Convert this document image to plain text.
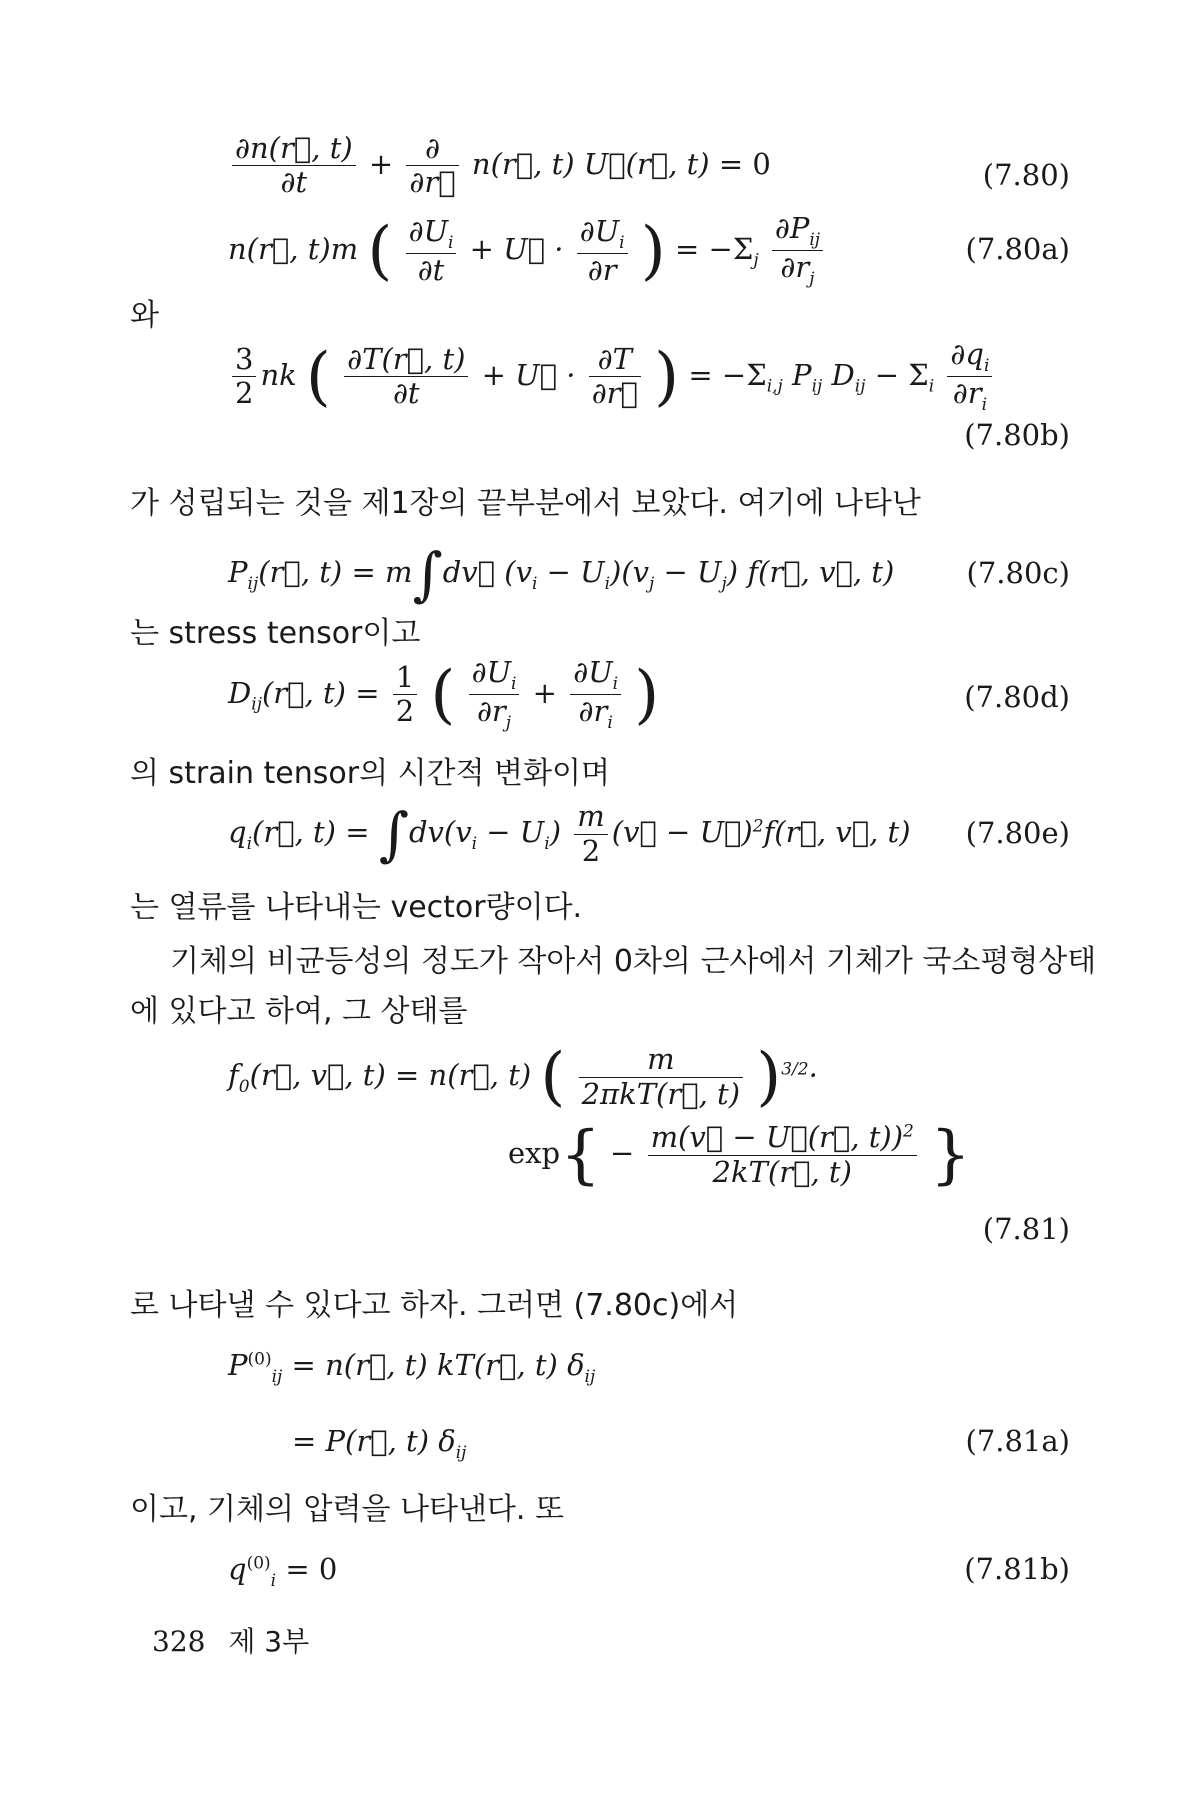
$\frac{\partial n(r⃗, t)}{\partial t} + \frac{\partial}{\partial r⃗}$ n(r⃗, t) U⃗(r⃗, t) = 0	(7.80)
n(r⃗, t)m ( $\frac{\partial U_i}{\partial t}$ + U⃗ · $\frac{\partial U_i}{\partial r}$ ) = $-\Sigma_j \frac{\partial P_{ij}}{\partial r_j}$	(7.80a)
와
$\frac{3}{2}$ nk ( $\frac{\partial T(r⃗, t)}{\partial t}$ + U⃗ · $\frac{\partial T}{\partial r⃗}$ ) = $-\Sigma_{i,j}$ $P_{ij}$ $D_{ij} - \Sigma_i \frac{\partial q_i}{\partial r_i}$
(7.80b)
가 성립되는 것을 제1장의 끝부분에서 보았다. 여기에 나타난
$P_{ij}(r⃗$, t) = m∫dv⃗ $(v_i - U_i)(v_j - U_j)$ f(r⃗, v⃗, t) (7.80c)
는 stress tensor이고
$D_{ij}(r⃗$, $t) = \frac{1}{2}$ ( $\frac{\partial U_i}{\partial r_j} + \frac{\partial U_i}{\partial r_i}$ )	(7.80d)
의 strain tensor의 시간적 변화이며
$q_i(r⃗$, $t) = \int dv(v_i - U_i) \frac{m}{2}$ (v⃗ − U⃗)$^2$f(r⃗, v⃗, t) (7.80e)
는 열류를 나타내는 vector량이다.
기체의 비균등성의 정도가 작아서 0차의 근사에서 기체가 국소평형상태
에 있다고 하여, 그 상태를
$f_0(r⃗$, v⃗, t) = n(r⃗, t) ( $\frac{m}{\text{2πkT(r⃗, t)}} )^{3/2}\cdot$
$\exp\{ - \frac{m(v⃗ - U⃗(r⃗, t))^2}{2kT(r⃗, t)}$ }
(7.81)
로 나타낼 수 있다고 하자. 그러면 (7.80c)에서
$P^{(0)}_{ij}$ = n(r⃗, t) kT(r⃗, t) $\delta_{ij}$
= P(r⃗, t) $\delta_{ij}$	(7.81a)
이고, 기체의 압력을 나타낸다. 또
$q^{(0)}_i = 0$	(7.81b)
328 제 3부
